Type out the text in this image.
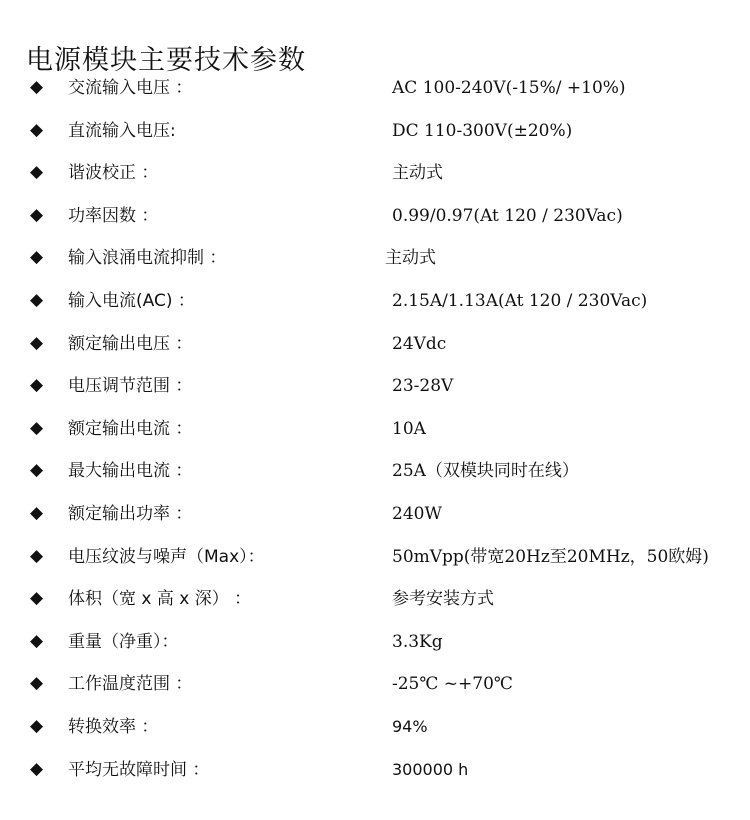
电源模块主要技术参数
◆ 交流输入电压 ：	AC 100-240V(-15%/ +10%)
◆ 直流输入电压:	DC 110-300V(±20%)
◆ 谐波校正 ：	主动式
◆ 功率因数 ：	0.99/0.97(At 120 / 230Vac)
◆ 输入浪涌电流抑制 ：	主动式
◆ 输入电流(AC) ：	2.15A/1.13A(At 120 / 230Vac)
◆ 额定输出电压 ：	24Vdc
◆ 电压调节范围 ：	23-28V
◆ 额定输出电流 ：	10A
◆ 最大输出电流 ：	25A（双模块同时在线）
◆ 额定输出功率 ：	240W
◆ 电压纹波与噪声（Max）：	50mVpp(带宽20Hz至20MHz，50欧姆)
◆ 体积（宽 x 高 x 深） ：	参考安装方式
◆ 重量（净重）：	3.3Kg
◆ 工作温度范围 ：	-25℃ ~+70℃
◆ 转换效率 ：	94%
◆ 平均无故障时间 ：	300000 h
